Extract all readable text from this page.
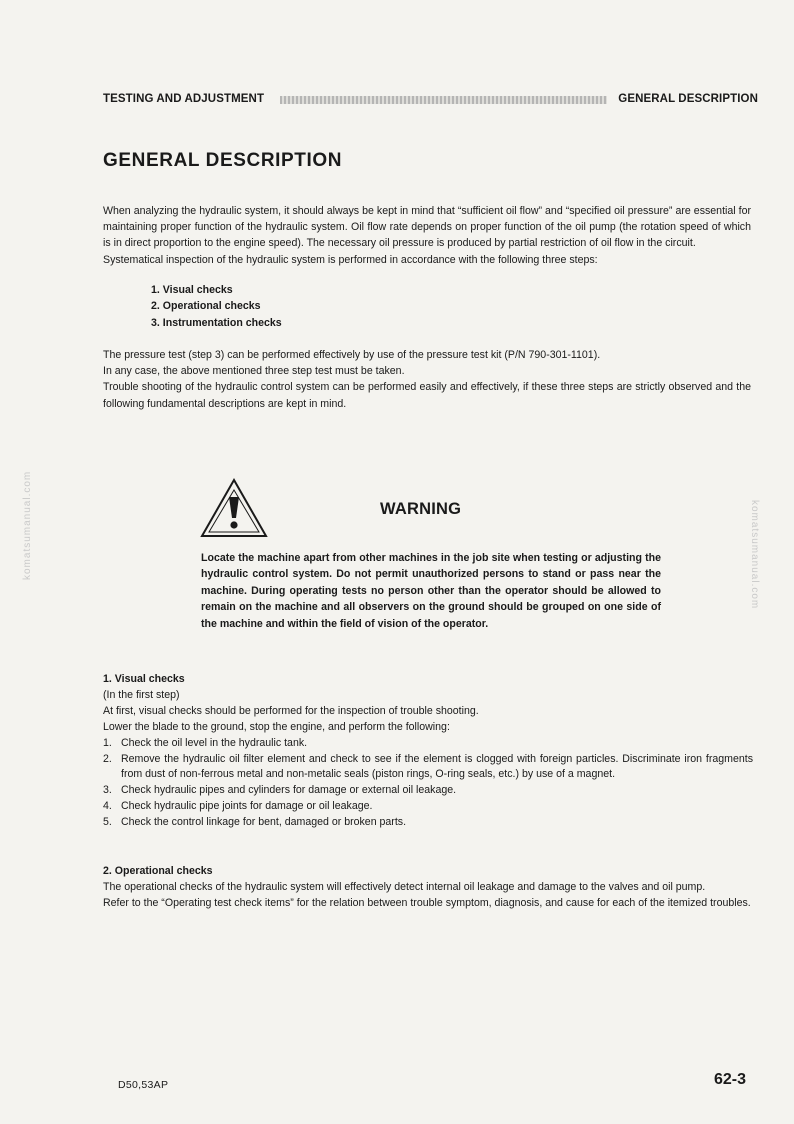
TESTING AND ADJUSTMENT	GENERAL DESCRIPTION
GENERAL DESCRIPTION

When analyzing the hydraulic system, it should always be kept in mind that “sufficient oil flow” and “specified oil pressure” are essential for maintaining proper function of the hydraulic system. Oil flow rate depends on proper function of the oil pump (the rotation speed of which is in direct proportion to the engine speed). The necessary oil pressure is produced by partial restriction of oil flow in the circuit.

Systematical inspection of the hydraulic system is performed in accordance with the following three steps:

1. Visual checks
2. Operational checks
3. Instrumentation checks

The pressure test (step 3) can be performed effectively by use of the pressure test kit (P/N 790-301-1101).

In any case, the above mentioned three step test must be taken.

Trouble shooting of the hydraulic control system can be performed easily and effectively, if these three steps are strictly observed and the following fundamental descriptions are kept in mind.

komatsumanual.com	komatsumanual.com
WARNING
Locate the machine apart from other machines in the job site when testing or adjusting the hydraulic control system. Do not permit unauthorized persons to stand or pass near the machine. During operating tests no person other than the operator should be allowed to remain on the machine and all observers on the ground should be grouped on one side of the machine and within the field of vision of the operator.
1. Visual checks
(In the first step)
At first, visual checks should be performed for the inspection of trouble shooting.
Lower the blade to the ground, stop the engine, and perform the following:
1. Check the oil level in the hydraulic tank.
2. Remove the hydraulic oil filter element and check to see if the element is clogged with foreign particles. Discriminate iron fragments from dust of non-ferrous metal and non-metalic seals (piston rings, O-ring seals, etc.) by use of a magnet.
3. Check hydraulic pipes and cylinders for damage or external oil leakage.
4. Check hydraulic pipe joints for damage or oil leakage.
5. Check the control linkage for bent, damaged or broken parts.
2. Operational checks
The operational checks of the hydraulic system will effectively detect internal oil leakage and damage to the valves and oil pump.
Refer to the “Operating test check items” for the relation between trouble symptom, diagnosis, and cause for each of the itemized troubles.
D50,53AP	62-3
